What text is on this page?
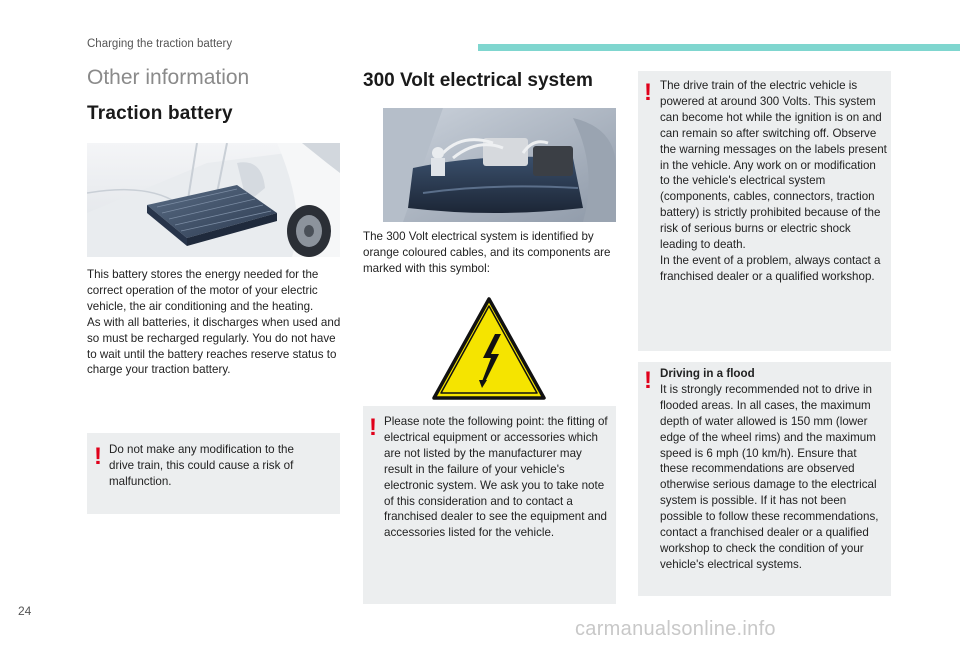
Charging the traction battery
Other information
Traction battery
This battery stores the energy needed for the correct operation of the motor of your electric vehicle, the air conditioning and the heating.
As with all batteries, it discharges when used and so must be recharged regularly. You do not have to wait until the battery reaches reserve status to charge your traction battery.
! Do not make any modification to the drive train, this could cause a risk of malfunction.
300 Volt electrical system
The 300 Volt electrical system is identified by orange coloured cables, and its components are marked with this symbol:
! Please note the following point: the fitting of electrical equipment or accessories which are not listed by the manufacturer may result in the failure of your vehicle's electronic system. We ask you to take note of this consideration and to contact a franchised dealer to see the equipment and accessories listed for the vehicle.
! The drive train of the electric vehicle is powered at around 300 Volts. This system can become hot while the ignition is on and can remain so after switching off. Observe the warning messages on the labels present in the vehicle. Any work on or modification to the vehicle's electrical system (components, cables, connectors, traction battery) is strictly prohibited because of the risk of serious burns or electric shock leading to death.
In the event of a problem, always contact a franchised dealer or a qualified workshop.
! Driving in a flood
It is strongly recommended not to drive in flooded areas. In all cases, the maximum depth of water allowed is 150 mm (lower edge of the wheel rims) and the maximum speed is 6 mph (10 km/h). Ensure that these recommendations are observed otherwise serious damage to the electrical system is possible. If it has not been possible to follow these recommendations, contact a franchised dealer or a qualified workshop to check the condition of your vehicle's electrical systems.
24
carmanualsonline.info
